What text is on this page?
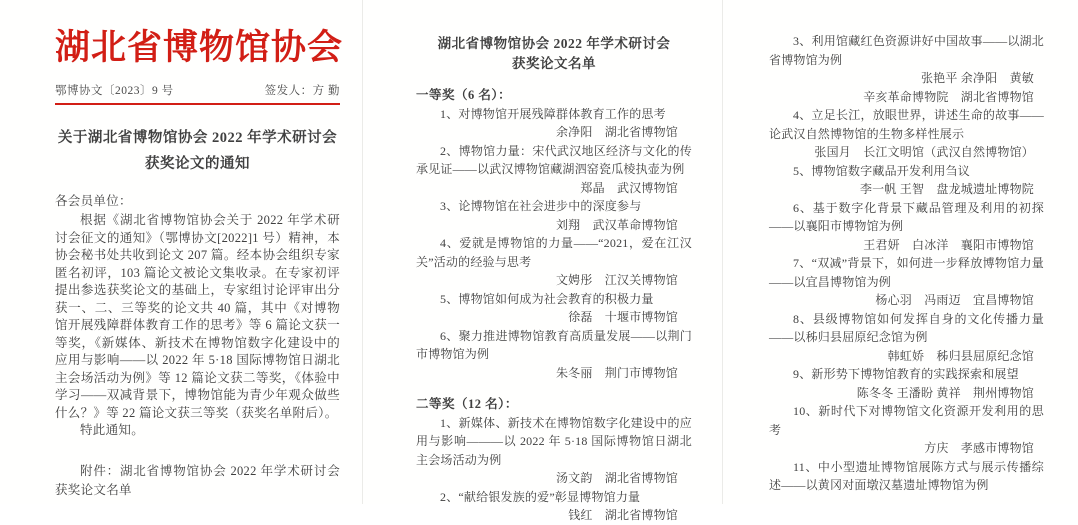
湖北省博物馆协会
鄂博协文〔2023〕9 号	签发人：方 勤
关于湖北省博物馆协会 2022 年学术研讨会
获奖论文的通知

各会员单位：

根据《湖北省博物馆协会关于 2022 年学术研讨会征文的通知》（鄂博协文[2022]1 号）精神，本协会秘书处共收到论文 207 篇。经本协会组织专家匿名初评，103 篇论文被论文集收录。在专家初评提出参选获奖论文的基础上，专家组讨论评审出分获一、二、三等奖的论文共 40 篇，其中《对博物馆开展残障群体教育工作的思考》等 6 篇论文获一等奖，《新媒体、新技术在博物馆数字化建设中的应用与影响——以 2022 年 5·18 国际博物馆日湖北主会场活动为例》等 12 篇论文获二等奖，《体验中学习——双减背景下，博物馆能为青少年观众做些什么？》等 22 篇论文获三等奖（获奖名单附后）。

特此通知。

附件：湖北省博物馆协会 2022 年学术研讨会获奖论文名单

湖北省博物馆协会 2022 年学术研讨会
获奖论文名单

一等奖（6 名）：

1、对博物馆开展残障群体教育工作的思考

余净阳　湖北省博物馆

2、博物馆力量：宋代武汉地区经济与文化的传承见证——以武汉博物馆藏湖泗窑瓷瓜棱执壶为例

郑晶　武汉博物馆

3、论博物馆在社会进步中的深度参与

刘翔　武汉革命博物馆

4、爱就是博物馆的力量——“2021，爱在江汉关”活动的经验与思考

文娉彤　江汉关博物馆

5、博物馆如何成为社会教育的积极力量

徐磊　十堰市博物馆

6、聚力推进博物馆教育高质量发展——以荆门市博物馆为例

朱冬丽　荆门市博物馆

二等奖（12 名）：

1、新媒体、新技术在博物馆数字化建设中的应用与影响———以 2022 年 5·18 国际博物馆日湖北主会场活动为例

汤文韵　湖北省博物馆

2、“献给银发族的爱”彰显博物馆力量

钱红　湖北省博物馆

3、利用馆藏红色资源讲好中国故事——以湖北省博物馆为例

张艳平 余净阳　黄敏

辛亥革命博物院　湖北省博物馆

4、立足长江，放眼世界，讲述生命的故事——论武汉自然博物馆的生物多样性展示

张国月　长江文明馆（武汉自然博物馆）

5、博物馆数字藏品开发利用刍议

李一帆 王智　盘龙城遗址博物院

6、基于数字化背景下藏品管理及利用的初探——以襄阳市博物馆为例

王君妍　白冰洋　襄阳市博物馆

7、“双减”背景下，如何进一步释放博物馆力量——以宜昌博物馆为例

杨心羽　冯雨迈　宜昌博物馆

8、县级博物馆如何发挥自身的文化传播力量——以秭归县屈原纪念馆为例

韩虹娇　秭归县屈原纪念馆

9、新形势下博物馆教育的实践探索和展望

陈冬冬 王潘盼 黄祥　荆州博物馆

10、新时代下对博物馆文化资源开发利用的思考

方庆　孝感市博物馆

11、中小型遗址博物馆展陈方式与展示传播综述——以黄冈对面墩汉墓遗址博物馆为例
